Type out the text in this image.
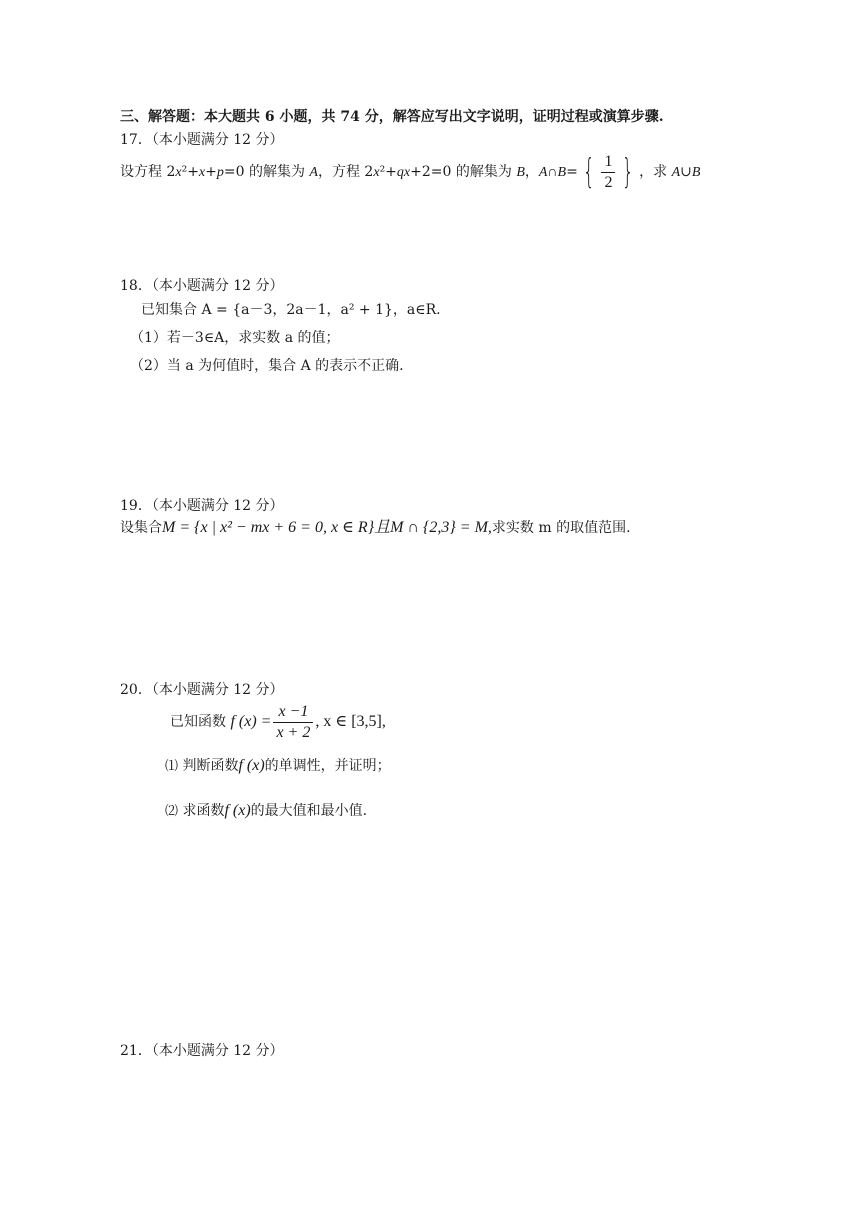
三、解答题：本大题共 6 小题，共 74 分，解答应写出文字说明，证明过程或演算步骤.
17．（本小题满分 12 分）
设方程 2x²+x+p=0 的解集为 A，方程 2x²+qx+2=0 的解集为 B，A∩B= { $\frac{1}{2}$ } ，求 A∪B
18．（本小题满分 12 分）
已知集合 A = {a－3，2a－1，a² + 1}，a∈R.
（1）若－3∈A，求实数 a 的值；
（2）当 a 为何值时，集合 A 的表示不正确.
19．（本小题满分 12 分）
设集合M = {x | x² − mx + 6 = 0, x ∈ R}且M ∩ {2,3} = M,求实数 m 的取值范围.
20．（本小题满分 12 分）
已知函数 f $(x) = \frac{x -1}{x + 2}$ , x ∈ [3,5],
⑴ 判断函数f (x)的单调性，并证明；
⑵ 求函数f (x)的最大值和最小值.
21．（本小题满分 12 分）
